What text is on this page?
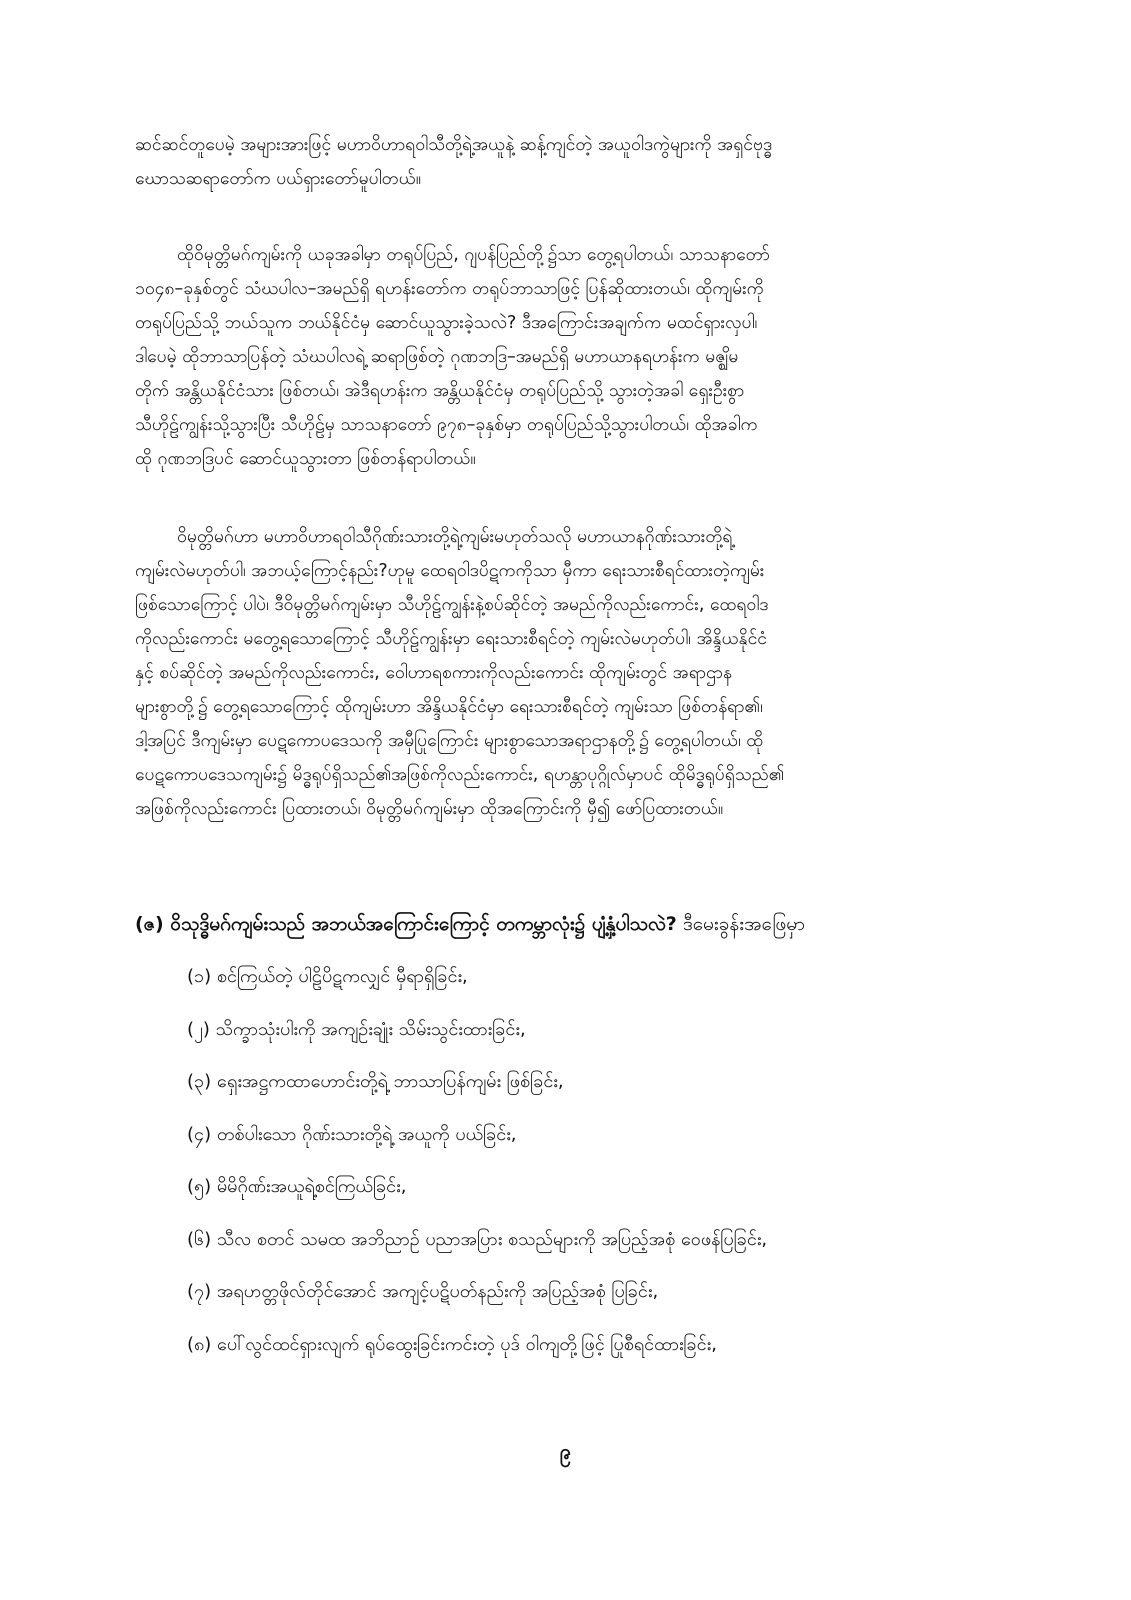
ဆင်ဆင်တူပေမဲ့ အများအားဖြင့် မဟာဝိဟာရဝါသီတို့ရဲ့အယူနဲ့ ဆန့်ကျင်တဲ့ အယူဝါဒကွဲများကို အရှင်ဗုဒ္ဓ
ဃောသဆရာတော်က ပယ်ရှားတော်မူပါတယ်။

ထိုဝိမုတ္တိမဂ်ကျမ်းကို ယခုအခါမှာ တရုပ်ပြည်, ဂျပန်ပြည်တို့၌သာ တွေ့ရပါတယ်၊ သာသနာတော်
၁၀၄၈–ခုနှစ်တွင် သံဃပါလ–အမည်ရှိ ရဟန်းတော်က တရုပ်ဘာသာဖြင့် ပြန်ဆိုထားတယ်၊ ထိုကျမ်းကို
တရုပ်ပြည်သို့ ဘယ်သူက ဘယ်နိုင်ငံမှ ဆောင်ယူသွားခဲ့သလဲ? ဒီအကြောင်းအချက်က မထင်ရှားလှပါ၊
ဒါပေမဲ့ ထိုဘာသာပြန်တဲ့ သံဃပါလရဲ့ ဆရာဖြစ်တဲ့ ဂုဏဘဒြ–အမည်ရှိ မဟာယာနရဟန်းက မဇ္ဈိမ
တိုက် အန္တိယနိုင်ငံသား ဖြစ်တယ်၊ အဲဒီရဟန်းက အန္တိယနိုင်ငံမှ တရုပ်ပြည်သို့ သွားတဲ့အခါ ရှေးဦးစွာ
သီဟိုဠ်ကျွန်းသို့သွားပြီး သီဟိုဠ်မှ သာသနာတော် ၉၇၈–ခုနှစ်မှာ တရုပ်ပြည်သို့သွားပါတယ်၊ ထိုအခါက
ထို ဂုဏဘဒြပင် ဆောင်ယူသွားတာ ဖြစ်တန်ရာပါတယ်။

ဝိမုတ္တိမဂ်ဟာ မဟာဝိဟာရဝါသီဂိုဏ်းသားတို့ရဲ့ကျမ်းမဟုတ်သလို မဟာယာနဂိုဏ်းသားတို့ရဲ့
ကျမ်းလဲမဟုတ်ပါ၊ အဘယ့်ကြောင့်နည်း?ဟုမူ ထေရဝါဒပိဋကကိုသာ မှီကာ ရေးသားစီရင်ထားတဲ့ကျမ်း
ဖြစ်သောကြောင့် ပါပဲ၊ ဒီဝိမုတ္တိမဂ်ကျမ်းမှာ သီဟိုဠ်ကျွန်းနဲ့စပ်ဆိုင်တဲ့ အမည်ကိုလည်းကောင်း, ထေရဝါဒ
ကိုလည်းကောင်း မတွေ့ရသောကြောင့် သီဟိုဠ်ကျွန်းမှာ ရေးသားစီရင်တဲ့ ကျမ်းလဲမဟုတ်ပါ၊ အိန္ဒိယနိုင်ငံ
နှင့် စပ်ဆိုင်တဲ့ အမည်ကိုလည်းကောင်း, ဝေါဟာရစကားကိုလည်းကောင်း ထိုကျမ်းတွင် အရာဌာန
များစွာတို့၌ တွေ့ရသောကြောင့် ထိုကျမ်းဟာ အိန္ဒိယနိုင်ငံမှာ ရေးသားစီရင်တဲ့ ကျမ်းသာ ဖြစ်တန်ရာ၏၊
ဒါ့အပြင် ဒီကျမ်းမှာ ပေဋကောပဒေသကို အမှီပြုကြောင်း များစွာသောအရာဌာနတို့၌ တွေ့ရပါတယ်၊ ထို
ပေဋကောပဒေသကျမ်း၌ မိဒ္ဓရုပ်ရှိသည်၏အဖြစ်ကိုလည်းကောင်း, ရဟန္တာပုဂ္ဂိုလ်မှာပင် ထိုမိဒ္ဓရုပ်ရှိသည်၏
အဖြစ်ကိုလည်းကောင်း ပြထားတယ်၊ ဝိမုတ္တိမဂ်ကျမ်းမှာ ထိုအကြောင်းကို မှီ၍ ဖော်ပြထားတယ်။

(ဇ) ဝိသုဒ္ဓိမဂ်ကျမ်းသည် အဘယ်အကြောင်းကြောင့် တကမ္ဘာလုံး၌ ပျံ့နှံ့ပါသလဲ? ဒီမေးခွန်းအဖြေမှာ
(၁) စင်ကြယ်တဲ့ ပါဠိပိဋကလျှင် မှီရာရှိခြင်း,
(၂) သိက္ခာသုံးပါးကို အကျဉ်းချုံး သိမ်းသွင်းထားခြင်း,
(၃) ရှေးအဋ္ဌကထာဟောင်းတို့ရဲ့ ဘာသာပြန်ကျမ်း ဖြစ်ခြင်း,
(၄) တစ်ပါးသော ဂိုဏ်းသားတို့ရဲ့ အယူကို ပယ်ခြင်း,
(၅) မိမိဂိုဏ်းအယူရဲ့စင်ကြယ်ခြင်း,
(၆) သီလ စတင် သမထ အဘိညာဉ် ပညာအပြား စသည်များကို အပြည့်အစုံ ဝေဖန်ပြခြင်း,
(၇) အရဟတ္တဖိုလ်တိုင်အောင် အကျင့်ပဋိပတ်နည်းကို အပြည့်အစုံ ပြခြင်း,
(၈) ပေါ်လွင်ထင်ရှားလျက် ရုပ်ထွေးခြင်းကင်းတဲ့ ပုဒ် ဝါကျတို့ဖြင့် ပြုစီရင်ထားခြင်း,
၉
